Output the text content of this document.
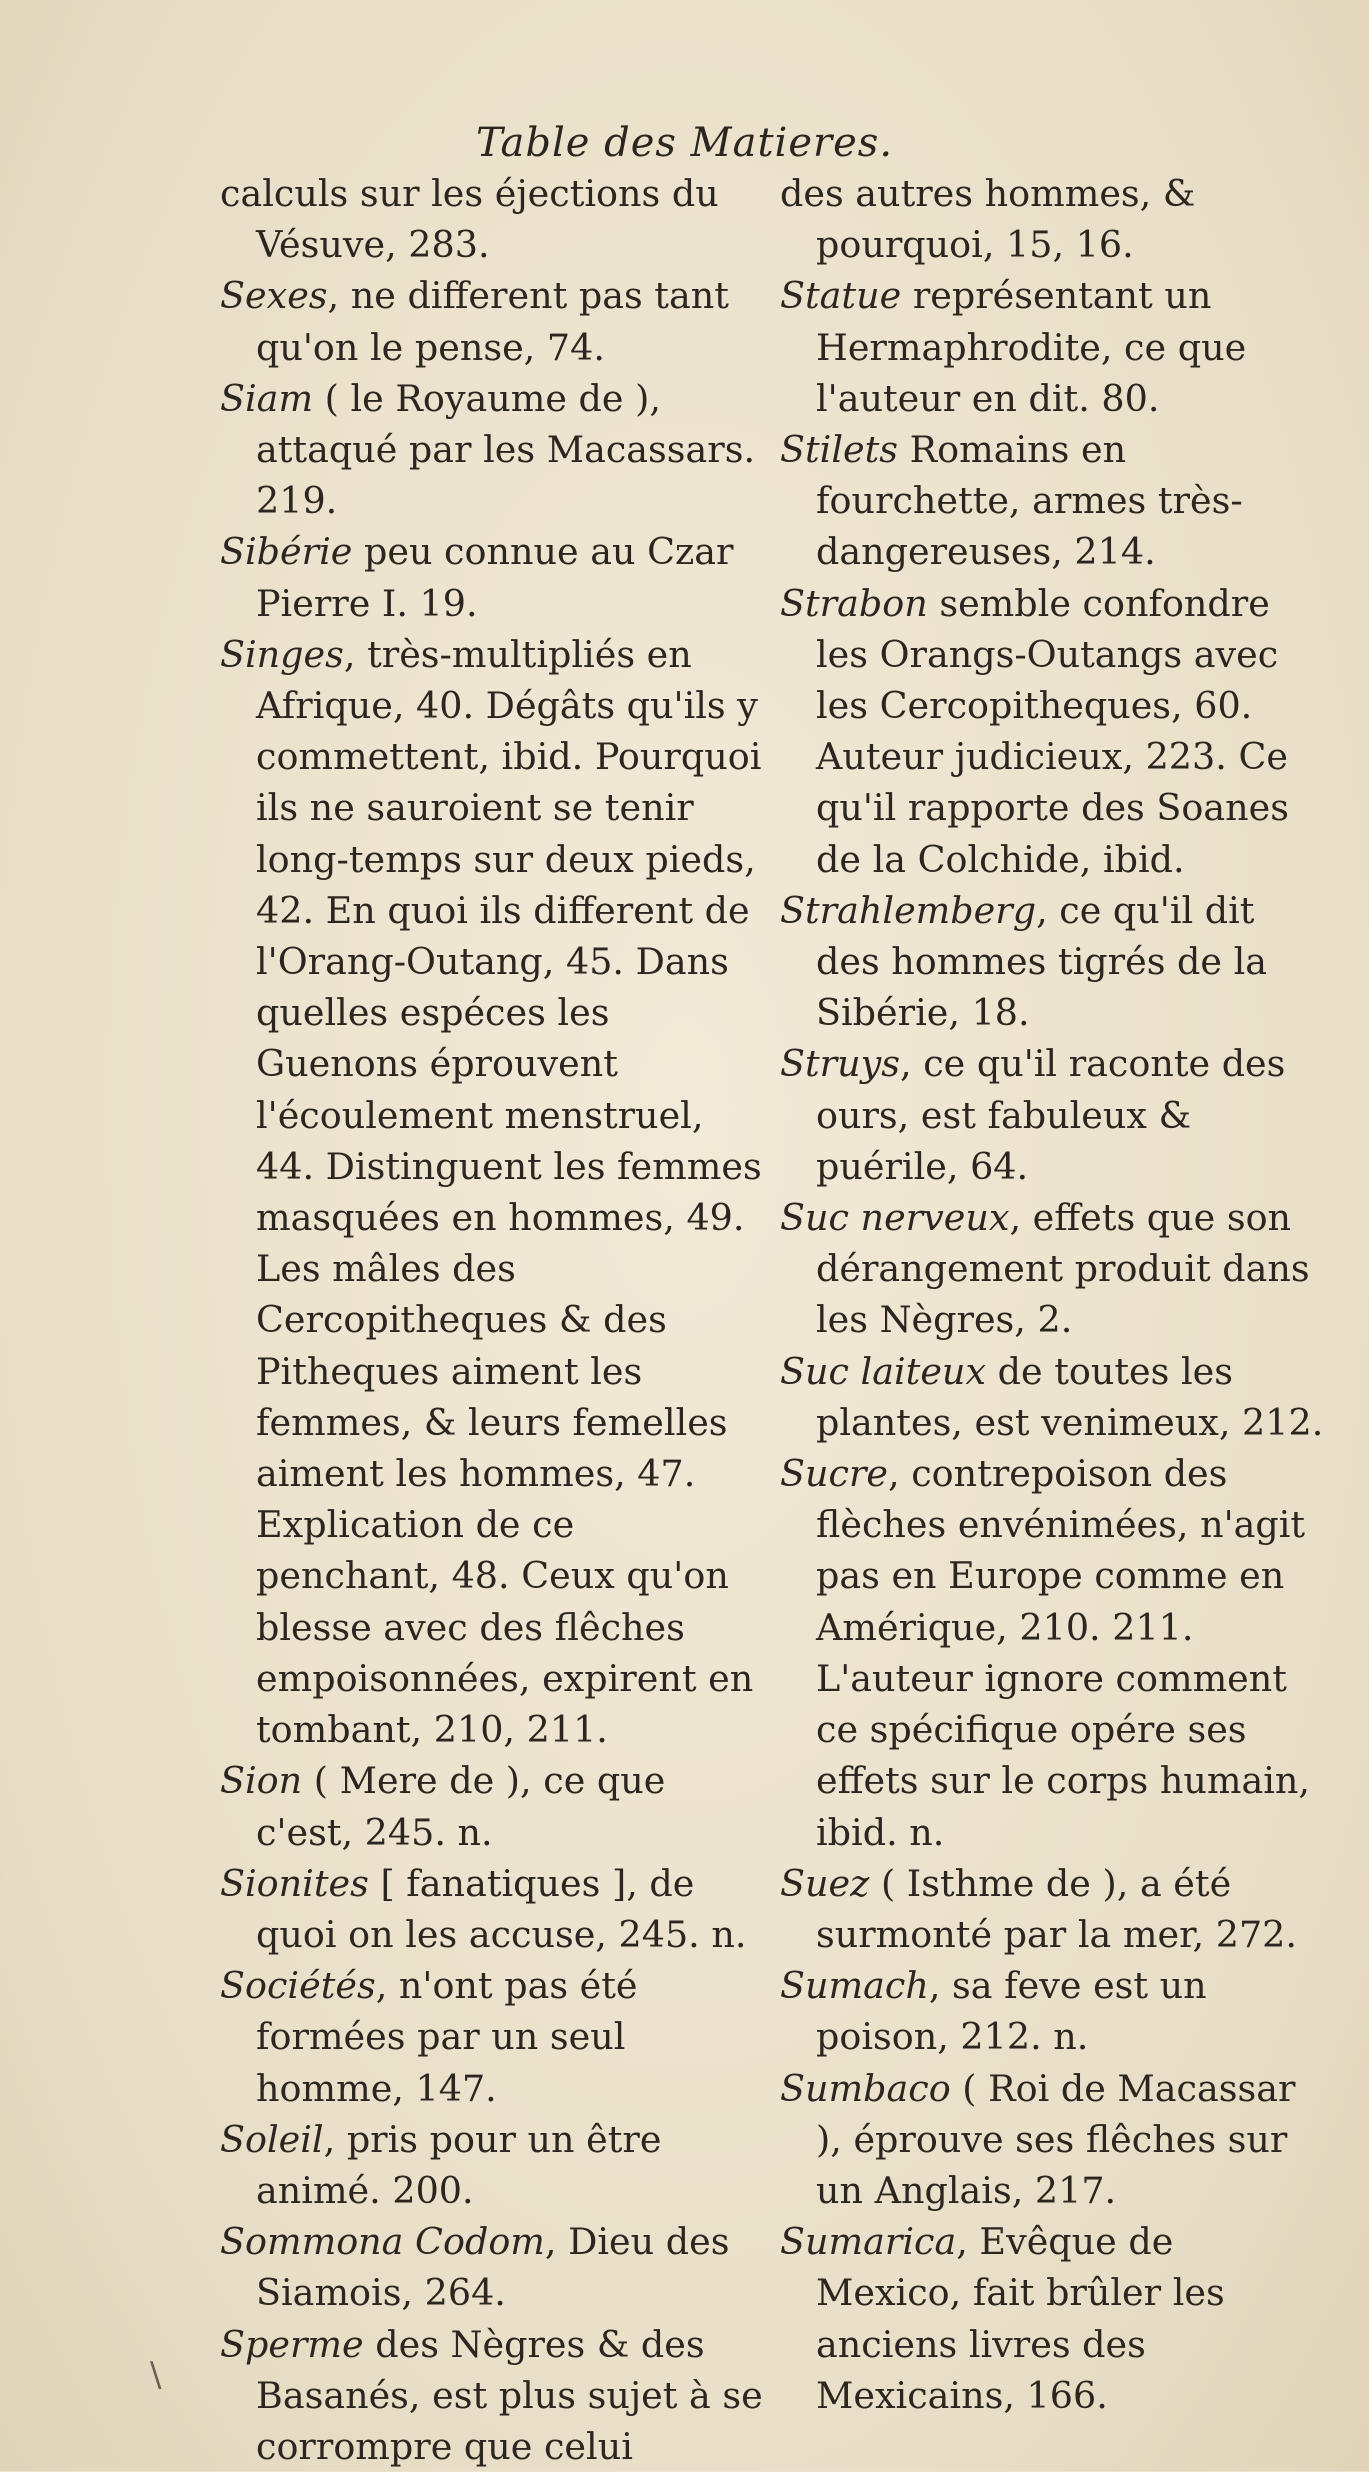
Table des Matieres.

calculs sur les éjections du Vésuve, 283.

Sexes, ne different pas tant qu'on le pense, 74.

Siam ( le Royaume de ), attaqué par les Macassars. 219.

Sibérie peu connue au Czar Pierre I. 19.

Singes, très-multipliés en Afrique, 40. Dégâts qu'ils y commettent, ibid. Pourquoi ils ne sauroient se tenir long-temps sur deux pieds, 42. En quoi ils different de l'Orang-Outang, 45. Dans quelles espéces les Guenons éprouvent l'écoulement menstruel, 44. Distinguent les femmes masquées en hommes, 49. Les mâles des Cercopitheques & des Pitheques aiment les femmes, & leurs femelles aiment les hommes, 47. Explication de ce penchant, 48. Ceux qu'on blesse avec des flêches empoisonnées, expirent en tombant, 210, 211.

Sion ( Mere de ), ce que c'est, 245. n.

Sionites [ fanatiques ], de quoi on les accuse, 245. n.

Sociétés, n'ont pas été formées par un seul homme, 147.

Soleil, pris pour un être animé. 200.

Sommona Codom, Dieu des Siamois, 264.

Sperme des Nègres & des Basanés, est plus sujet à se corrompre que celui

des autres hommes, & pourquoi, 15, 16.

Statue représentant un Hermaphrodite, ce que l'auteur en dit. 80.

Stilets Romains en fourchette, armes très-dangereuses, 214.

Strabon semble confondre les Orangs-Outangs avec les Cercopitheques, 60. Auteur judicieux, 223. Ce qu'il rapporte des Soanes de la Colchide, ibid.

Strahlemberg, ce qu'il dit des hommes tigrés de la Sibérie, 18.

Struys, ce qu'il raconte des ours, est fabuleux & puérile, 64.

Suc nerveux, effets que son dérangement produit dans les Nègres, 2.

Suc laiteux de toutes les plantes, est venimeux, 212.

Sucre, contrepoison des flèches envénimées, n'agit pas en Europe comme en Amérique, 210. 211. L'auteur ignore comment ce spécifique opére ses effets sur le corps humain, ibid. n.

Suez ( Isthme de ), a été surmonté par la mer, 272.

Sumach, sa feve est un poison, 212. n.

Sumbaco ( Roi de Macassar ), éprouve ses flêches sur un Anglais, 217.

Sumarica, Evêque de Mexico, fait brûler les anciens livres des Mexicains, 166.

\
